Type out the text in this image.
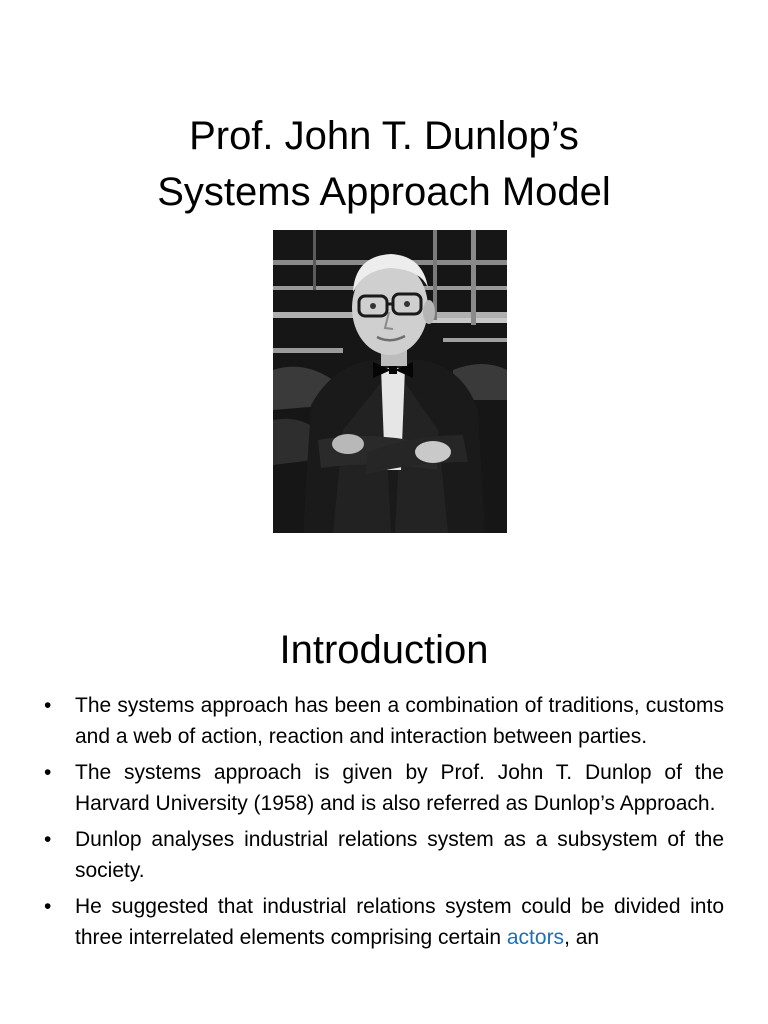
Prof. John T. Dunlop’s
Systems Approach Model
Introduction
• The systems approach has been a combination of traditions, customs and a web of action, reaction and interaction between parties.
• The systems approach is given by Prof. John T. Dunlop of the Harvard University (1958) and is also referred as Dunlop’s Approach.
• Dunlop analyses industrial relations system as a subsystem of the society.
• He suggested that industrial relations system could be divided into three interrelated elements comprising certain actors, an
